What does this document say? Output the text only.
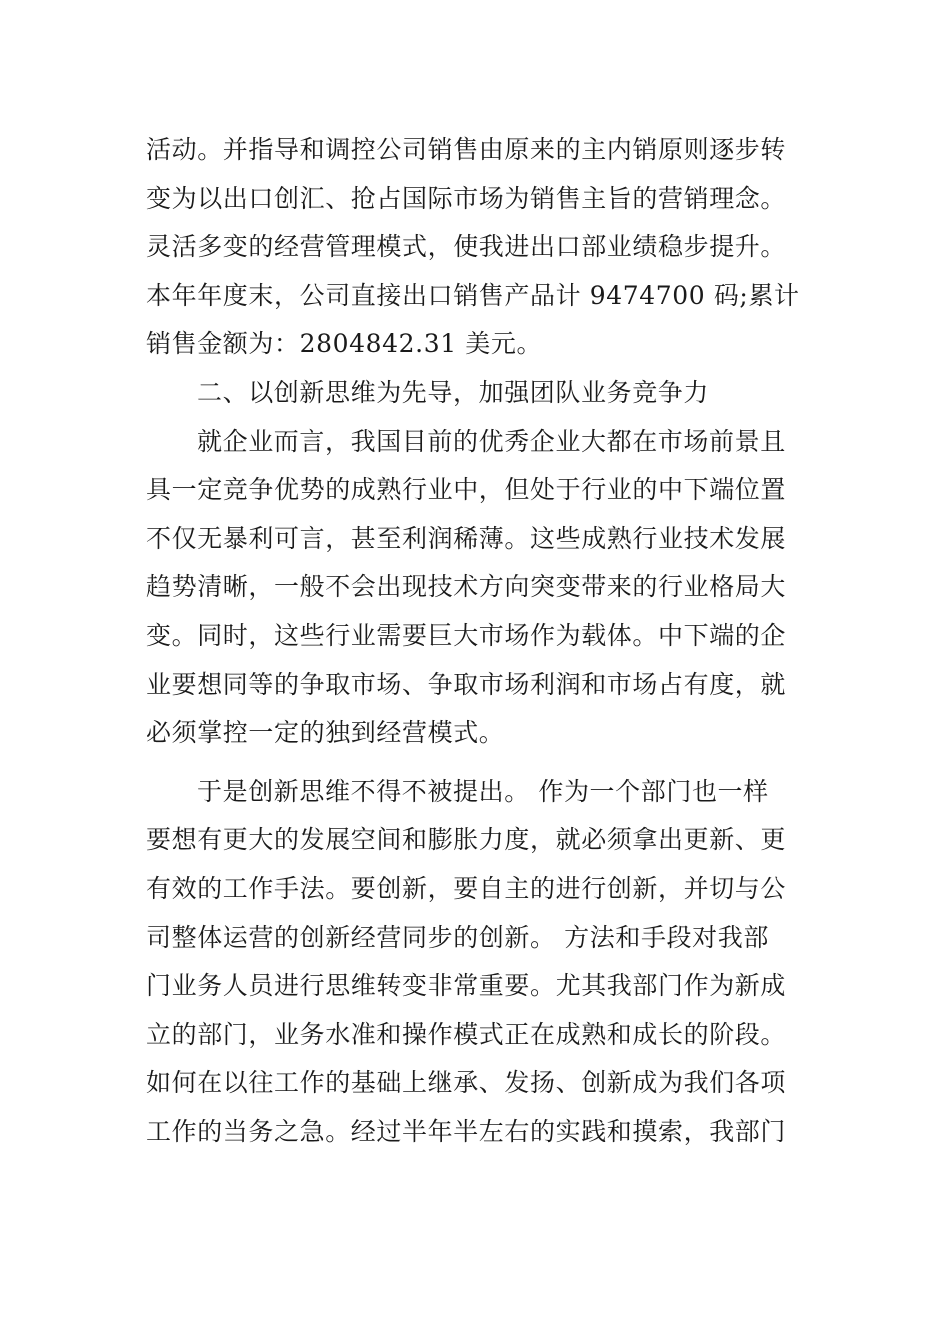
活动。并指导和调控公司销售由原来的主内销原则逐步转
变为以出口创汇、抢占国际市场为销售主旨的营销理念。
灵活多变的经营管理模式，使我进出口部业绩稳步提升。
本年年度末，公司直接出口销售产品计 9474700 码;累计
销售金额为：2804842.31 美元。
二、以创新思维为先导，加强团队业务竞争力
就企业而言，我国目前的优秀企业大都在市场前景且
具一定竞争优势的成熟行业中，但处于行业的中下端位置
不仅无暴利可言，甚至利润稀薄。这些成熟行业技术发展
趋势清晰，一般不会出现技术方向突变带来的行业格局大
变。同时，这些行业需要巨大市场作为载体。中下端的企
业要想同等的争取市场、争取市场利润和市场占有度，就
必须掌控一定的独到经营模式。
于是创新思维不得不被提出。 作为一个部门也一样
要想有更大的发展空间和膨胀力度，就必须拿出更新、更
有效的工作手法。要创新，要自主的进行创新，并切与公
司整体运营的创新经营同步的创新。 方法和手段对我部
门业务人员进行思维转变非常重要。尤其我部门作为新成
立的部门，业务水准和操作模式正在成熟和成长的阶段。
如何在以往工作的基础上继承、发扬、创新成为我们各项
工作的当务之急。经过半年半左右的实践和摸索，我部门
